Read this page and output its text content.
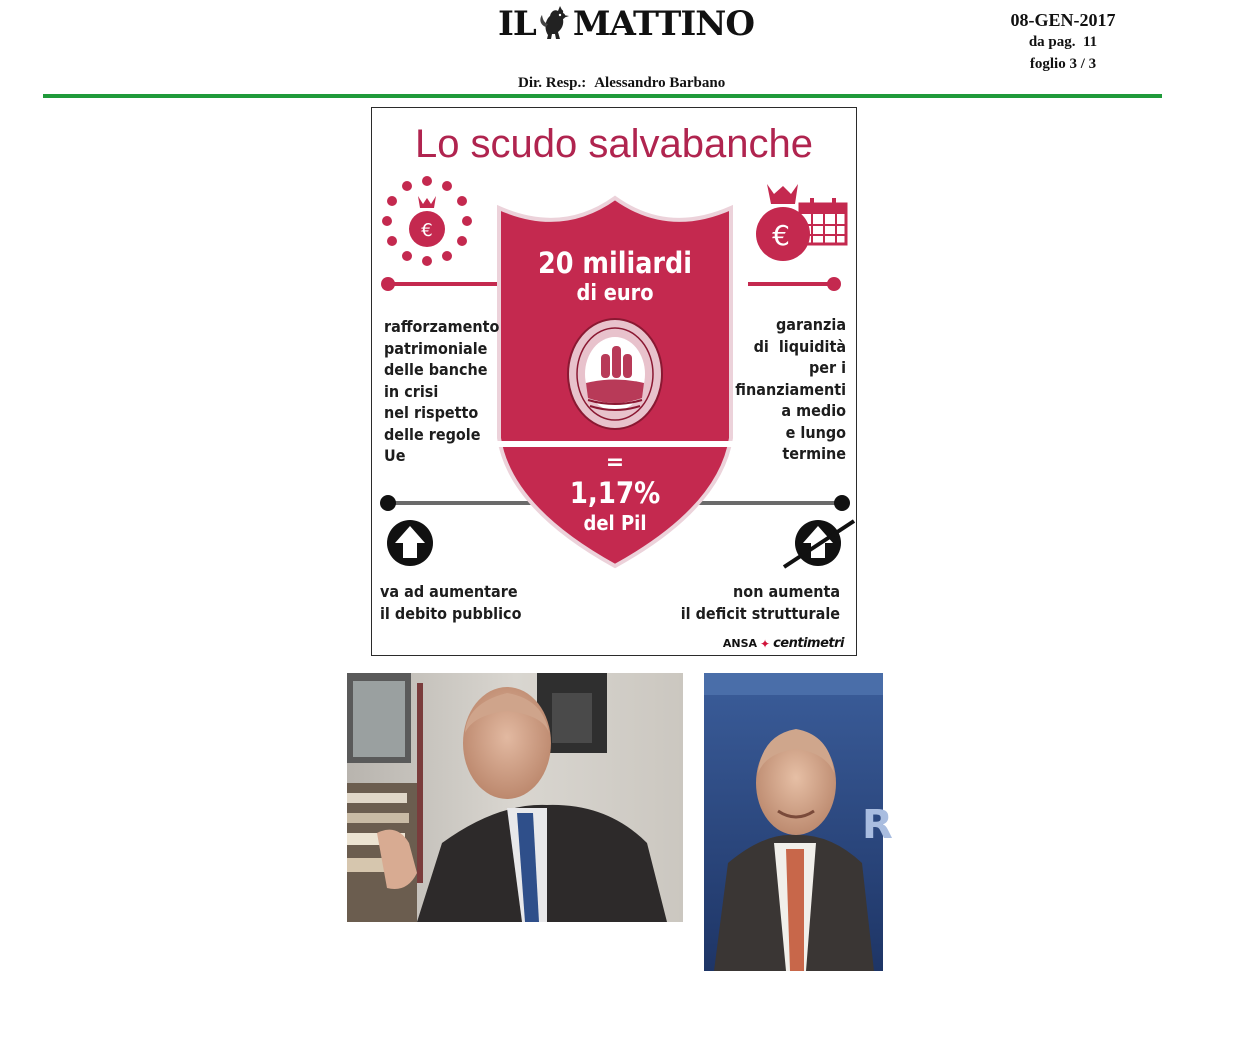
IL MATTINO	08-GEN-2017
da pag.  11
foglio 3 / 3
Dir. Resp.: Alessandro Barbano
€	€
Lo scudo salvabanche
20 miliardi
di euro
=
1,17%
del Pil
rafforzamento
patrimoniale
delle banche
in crisi
nel rispetto
delle regole
Ue
garanzia
di  liquidità
per i
finanziamenti
a medio
e lungo
termine
va ad aumentare
il debito pubblico
non aumenta
il deficit strutturale
ANSA ✦ centimetri
R
